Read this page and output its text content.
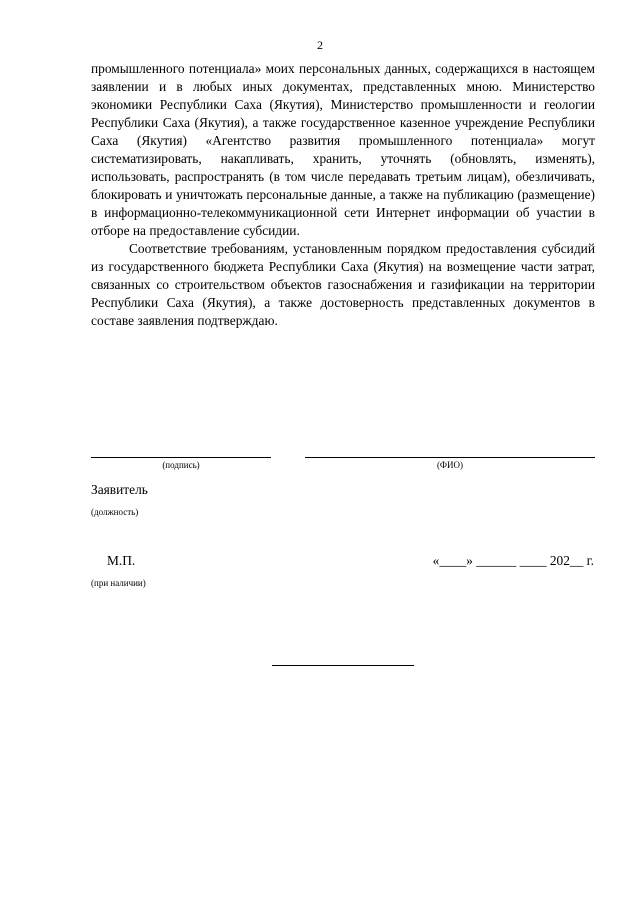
2

промышленного потенциала» моих персональных данных, содержащихся в настоящем заявлении и в любых иных документах, представленных мною. Министерство экономики Республики Саха (Якутия), Министерство промышленности и геологии Республики Саха (Якутия), а также государственное казенное учреждение Республики Саха (Якутия) «Агентство развития промышленного потенциала» могут систематизировать, накапливать, хранить, уточнять (обновлять, изменять), использовать, распространять (в том числе передавать третьим лицам), обезличивать, блокировать и уничтожать персональные данные, а также на публикацию (размещение) в информационно-телекоммуникационной сети Интернет информации об участии в отборе на предоставление субсидии.

Соответствие требованиям, установленным порядком предоставления субсидий из государственного бюджета Республики Саха (Якутия) на возмещение части затрат, связанных со строительством объектов газоснабжения и газификации на территории Республики Саха (Якутия), а также достоверность представленных документов в составе заявления подтверждаю.

(подпись)	(ФИО)
Заявитель
(должность)
М.П.	«____» ______ ____ 202__ г.
(при наличии)
